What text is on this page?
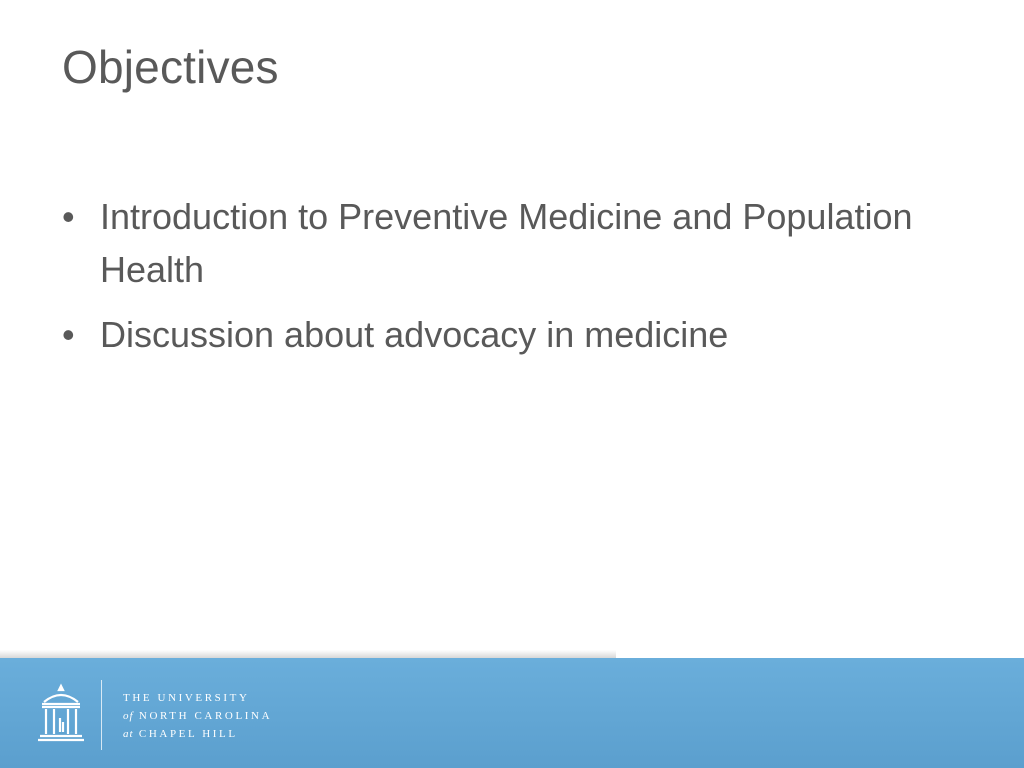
Objectives
• Introduction to Preventive Medicine and Population Health
• Discussion about advocacy in medicine
THE UNIVERSITY
of NORTH CAROLINA
at CHAPEL HILL
